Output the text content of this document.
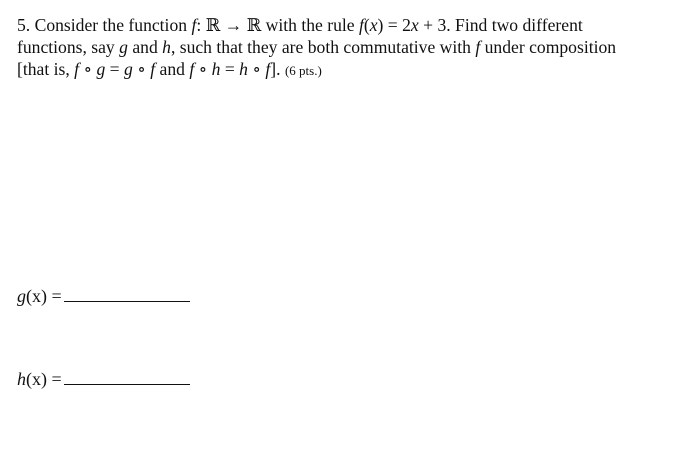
5. Consider the function f: ℝ → ℝ with the rule f(x) = 2x + 3. Find two different
functions, say g and h, such that they are both commutative with f under composition
[that is, f ∘ g = g ∘ f and f ∘ h = h ∘ f]. (6 pts.)
g(x) =
h(x) =
